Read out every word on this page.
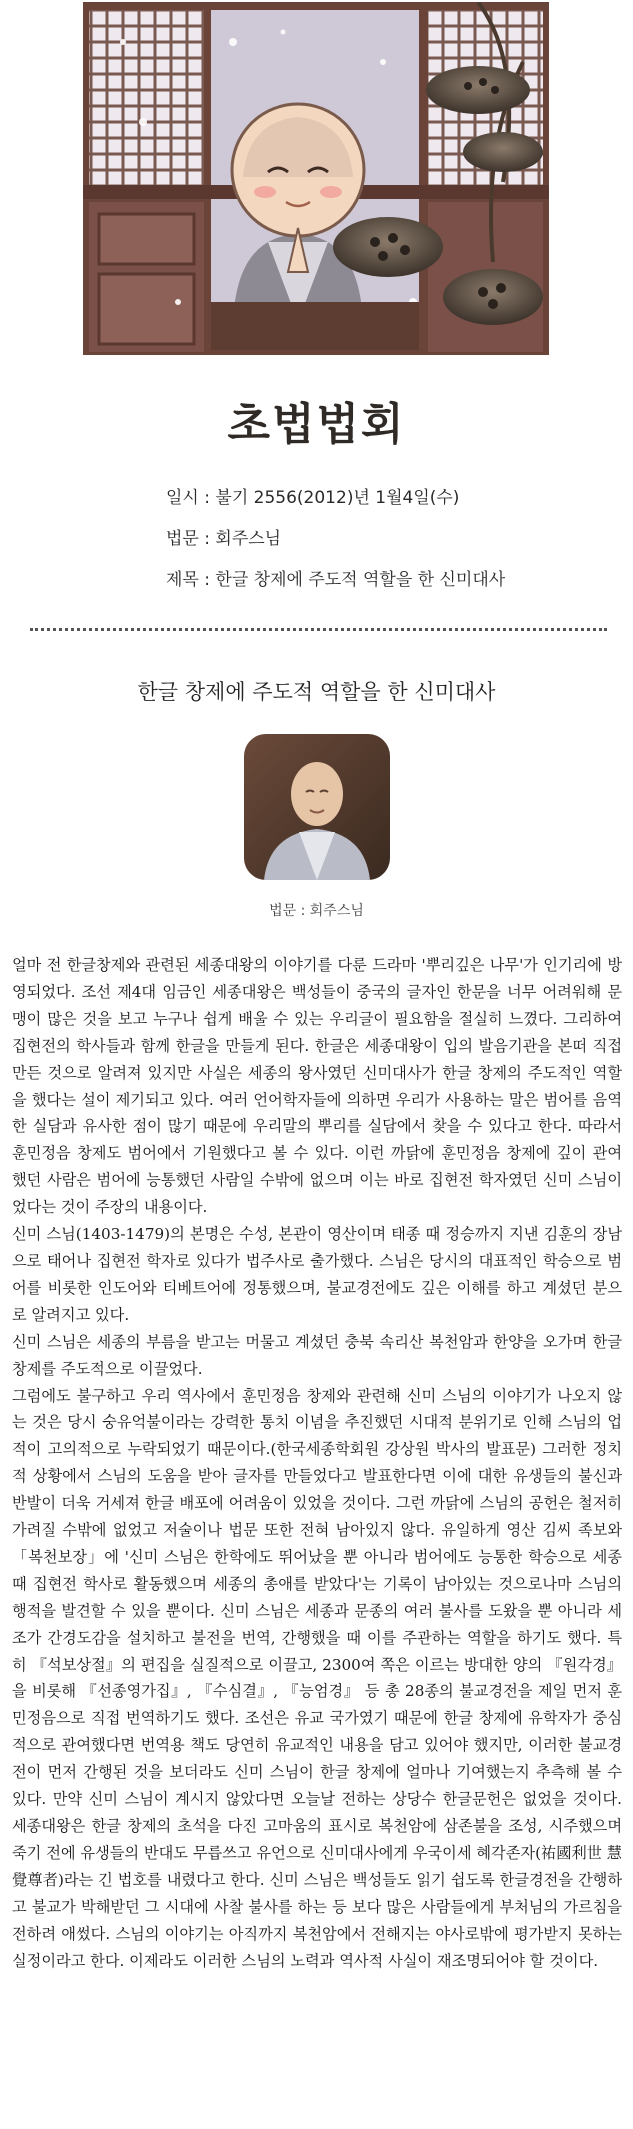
초법법회
일시 : 불기 2556(2012)년 1월4일(수)
법문 : 회주스님
제목 : 한글 창제에 주도적 역할을 한 신미대사
한글 창제에 주도적 역할을 한 신미대사
법문 : 회주스님

얼마 전 한글창제와 관련된 세종대왕의 이야기를 다룬 드라마 '뿌리깊은 나무'가 인기리에 방영되었다. 조선 제4대 임금인 세종대왕은 백성들이 중국의 글자인 한문을 너무 어려워해 문맹이 많은 것을 보고 누구나 쉽게 배울 수 있는 우리글이 필요함을 절실히 느꼈다. 그리하여 집현전의 학사들과 함께 한글을 만들게 된다. 한글은 세종대왕이 입의 발음기관을 본떠 직접 만든 것으로 알려져 있지만 사실은 세종의 왕사였던 신미대사가 한글 창제의 주도적인 역할을 했다는 설이 제기되고 있다. 여러 언어학자들에 의하면 우리가 사용하는 말은 범어를 음역한 실담과 유사한 점이 많기 때문에 우리말의 뿌리를 실담에서 찾을 수 있다고 한다. 따라서 훈민정음 창제도 범어에서 기원했다고 볼 수 있다. 이런 까닭에 훈민정음 창제에 깊이 관여 했던 사람은 범어에 능통했던 사람일 수밖에 없으며 이는 바로 집현전 학자였던 신미 스님이었다는 것이 주장의 내용이다.

신미 스님(1403-1479)의 본명은 수성, 본관이 영산이며 태종 때 정승까지 지낸 김훈의 장남으로 태어나 집현전 학자로 있다가 법주사로 출가했다. 스님은 당시의 대표적인 학승으로 범어를 비롯한 인도어와 티베트어에 정통했으며, 불교경전에도 깊은 이해를 하고 계셨던 분으로 알려지고 있다.

신미 스님은 세종의 부름을 받고는 머물고 계셨던 충북 속리산 복천암과 한양을 오가며 한글 창제를 주도적으로 이끌었다.

그럼에도 불구하고 우리 역사에서 훈민정음 창제와 관련해 신미 스님의 이야기가 나오지 않는 것은 당시 숭유억불이라는 강력한 통치 이념을 추진했던 시대적 분위기로 인해 스님의 업적이 고의적으로 누락되었기 때문이다.(한국세종학회원 강상원 박사의 발표문) 그러한 정치적 상황에서 스님의 도움을 받아 글자를 만들었다고 발표한다면 이에 대한 유생들의 불신과 반발이 더욱 거세져 한글 배포에 어려움이 있었을 것이다. 그런 까닭에 스님의 공헌은 철저히 가려질 수밖에 없었고 저술이나 법문 또한 전혀 남아있지 않다. 유일하게 영산 김씨 족보와 「복천보장」에 '신미 스님은 한학에도 뛰어났을 뿐 아니라 범어에도 능통한 학승으로 세종 때 집현전 학사로 활동했으며 세종의 총애를 받았다'는 기록이 남아있는 것으로나마 스님의 행적을 발견할 수 있을 뿐이다. 신미 스님은 세종과 문종의 여러 불사를 도왔을 뿐 아니라 세조가 간경도감을 설치하고 불전을 번역, 간행했을 때 이를 주관하는 역할을 하기도 했다. 특히 『석보상절』의 편집을 실질적으로 이끌고, 2300여 쪽은 이르는 방대한 양의 『원각경』을 비롯해 『선종영가집』, 『수심결』, 『능엄경』 등 총 28종의 불교경전을 제일 먼저 훈민정음으로 직접 번역하기도 했다. 조선은 유교 국가였기 때문에 한글 창제에 유학자가 중심적으로 관여했다면 번역용 책도 당연히 유교적인 내용을 담고 있어야 했지만, 이러한 불교경전이 먼저 간행된 것을 보더라도 신미 스님이 한글 창제에 얼마나 기여했는지 추측해 볼 수 있다. 만약 신미 스님이 계시지 않았다면 오늘날 전하는 상당수 한글문헌은 없었을 것이다. 세종대왕은 한글 창제의 초석을 다진 고마움의 표시로 복천암에 삼존불을 조성, 시주했으며 죽기 전에 유생들의 반대도 무릅쓰고 유언으로 신미대사에게 우국이세 혜각존자(祐國利世 慧覺尊者)라는 긴 법호를 내렸다고 한다. 신미 스님은 백성들도 읽기 쉽도록 한글경전을 간행하고 불교가 박해받던 그 시대에 사찰 불사를 하는 등 보다 많은 사람들에게 부처님의 가르침을 전하려 애썼다. 스님의 이야기는 아직까지 복천암에서 전해지는 야사로밖에 평가받지 못하는 실정이라고 한다. 이제라도 이러한 스님의 노력과 역사적 사실이 재조명되어야 할 것이다.
